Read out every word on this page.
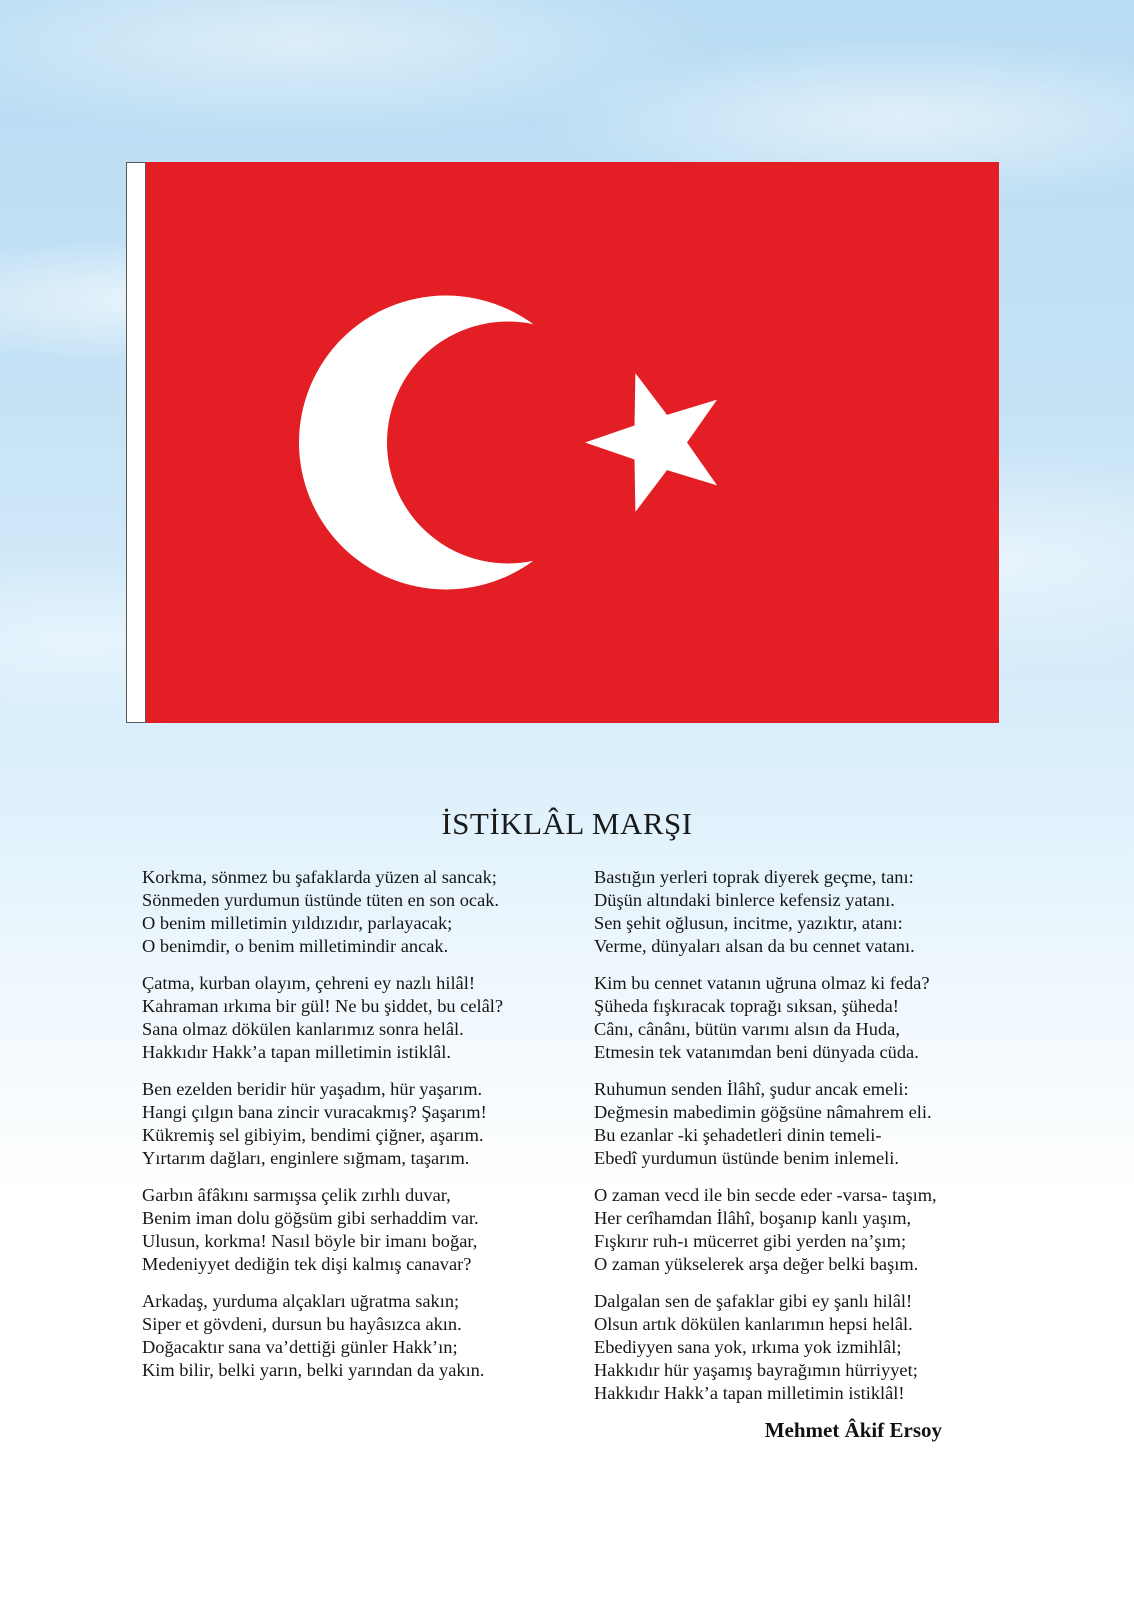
İSTİKLÂL MARŞI
Korkma, sönmez bu şafaklarda yüzen al sancak;
Sönmeden yurdumun üstünde tüten en son ocak.
O benim milletimin yıldızıdır, parlayacak;
O benimdir, o benim milletimindir ancak.
Çatma, kurban olayım, çehreni ey nazlı hilâl!
Kahraman ırkıma bir gül! Ne bu şiddet, bu celâl?
Sana olmaz dökülen kanlarımız sonra helâl.
Hakkıdır Hakk’a tapan milletimin istiklâl.
Ben ezelden beridir hür yaşadım, hür yaşarım.
Hangi çılgın bana zincir vuracakmış? Şaşarım!
Kükremiş sel gibiyim, bendimi çiğner, aşarım.
Yırtarım dağları, enginlere sığmam, taşarım.
Garbın âfâkını sarmışsa çelik zırhlı duvar,
Benim iman dolu göğsüm gibi serhaddim var.
Ulusun, korkma! Nasıl böyle bir imanı boğar,
Medeniyyet dediğin tek dişi kalmış canavar?
Arkadaş, yurduma alçakları uğratma sakın;
Siper et gövdeni, dursun bu hayâsızca akın.
Doğacaktır sana va’dettiği günler Hakk’ın;
Kim bilir, belki yarın, belki yarından da yakın.
Bastığın yerleri toprak diyerek geçme, tanı:
Düşün altındaki binlerce kefensiz yatanı.
Sen şehit oğlusun, incitme, yazıktır, atanı:
Verme, dünyaları alsan da bu cennet vatanı.
Kim bu cennet vatanın uğruna olmaz ki feda?
Şüheda fışkıracak toprağı sıksan, şüheda!
Cânı, cânânı, bütün varımı alsın da Huda,
Etmesin tek vatanımdan beni dünyada cüda.
Ruhumun senden İlâhî, şudur ancak emeli:
Değmesin mabedimin göğsüne nâmahrem eli.
Bu ezanlar -ki şehadetleri dinin temeli-
Ebedî yurdumun üstünde benim inlemeli.
O zaman vecd ile bin secde eder -varsa- taşım,
Her cerîhamdan İlâhî, boşanıp kanlı yaşım,
Fışkırır ruh-ı mücerret gibi yerden na’şım;
O zaman yükselerek arşa değer belki başım.
Dalgalan sen de şafaklar gibi ey şanlı hilâl!
Olsun artık dökülen kanlarımın hepsi helâl.
Ebediyyen sana yok, ırkıma yok izmihlâl;
Hakkıdır hür yaşamış bayrağımın hürriyyet;
Hakkıdır Hakk’a tapan milletimin istiklâl!
Mehmet Âkif Ersoy
